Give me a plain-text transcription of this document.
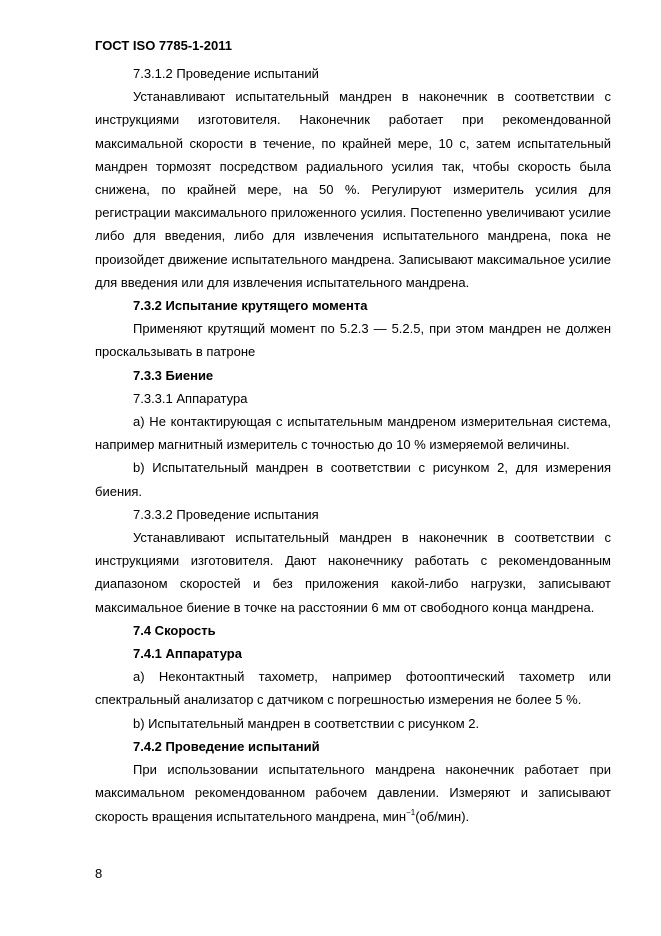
ГОСТ ISO 7785-1-2011

7.3.1.2 Проведение испытаний

Устанавливают испытательный мандрен в наконечник в соответствии с инструкциями изготовителя. Наконечник работает при рекомендованной максимальной скорости в течение, по крайней мере, 10 с, затем испытательный мандрен тормозят посредством радиального усилия так, чтобы скорость была снижена, по крайней мере, на 50 %. Регулируют измеритель усилия для регистрации максимального приложенного усилия. Постепенно увеличивают усилие либо для введения, либо для извлечения испытательного мандрена, пока не произойдет движение испытательного мандрена. Записывают максимальное усилие для введения или для извлечения испытательного мандрена.

7.3.2 Испытание крутящего момента

Применяют крутящий момент по 5.2.3 — 5.2.5, при этом мандрен не должен проскальзывать в патроне

7.3.3 Биение

7.3.3.1 Аппаратура

a) Не контактирующая с испытательным мандреном измерительная система, например магнитный измеритель с точностью до 10 % измеряемой величины.

b) Испытательный мандрен в соответствии с рисунком 2, для измерения биения.

7.3.3.2 Проведение испытания

Устанавливают испытательный мандрен в наконечник в соответствии с инструкциями изготовителя. Дают наконечнику работать с рекомендованным диапазоном скоростей и без приложения какой-либо нагрузки, записывают максимальное биение в точке на расстоянии 6 мм от свободного конца мандрена.

7.4 Скорость

7.4.1 Аппаратура

a) Неконтактный тахометр, например фотооптический тахометр или спектральный анализатор с датчиком с погрешностью измерения не более 5 %.

b) Испытательный мандрен в соответствии с рисунком 2.

7.4.2 Проведение испытаний

При использовании испытательного мандрена наконечник работает при максимальном рекомендованном рабочем давлении. Измеряют и записывают скорость вращения испытательного мандрена, мин$^{-1}$(об/мин).

8
